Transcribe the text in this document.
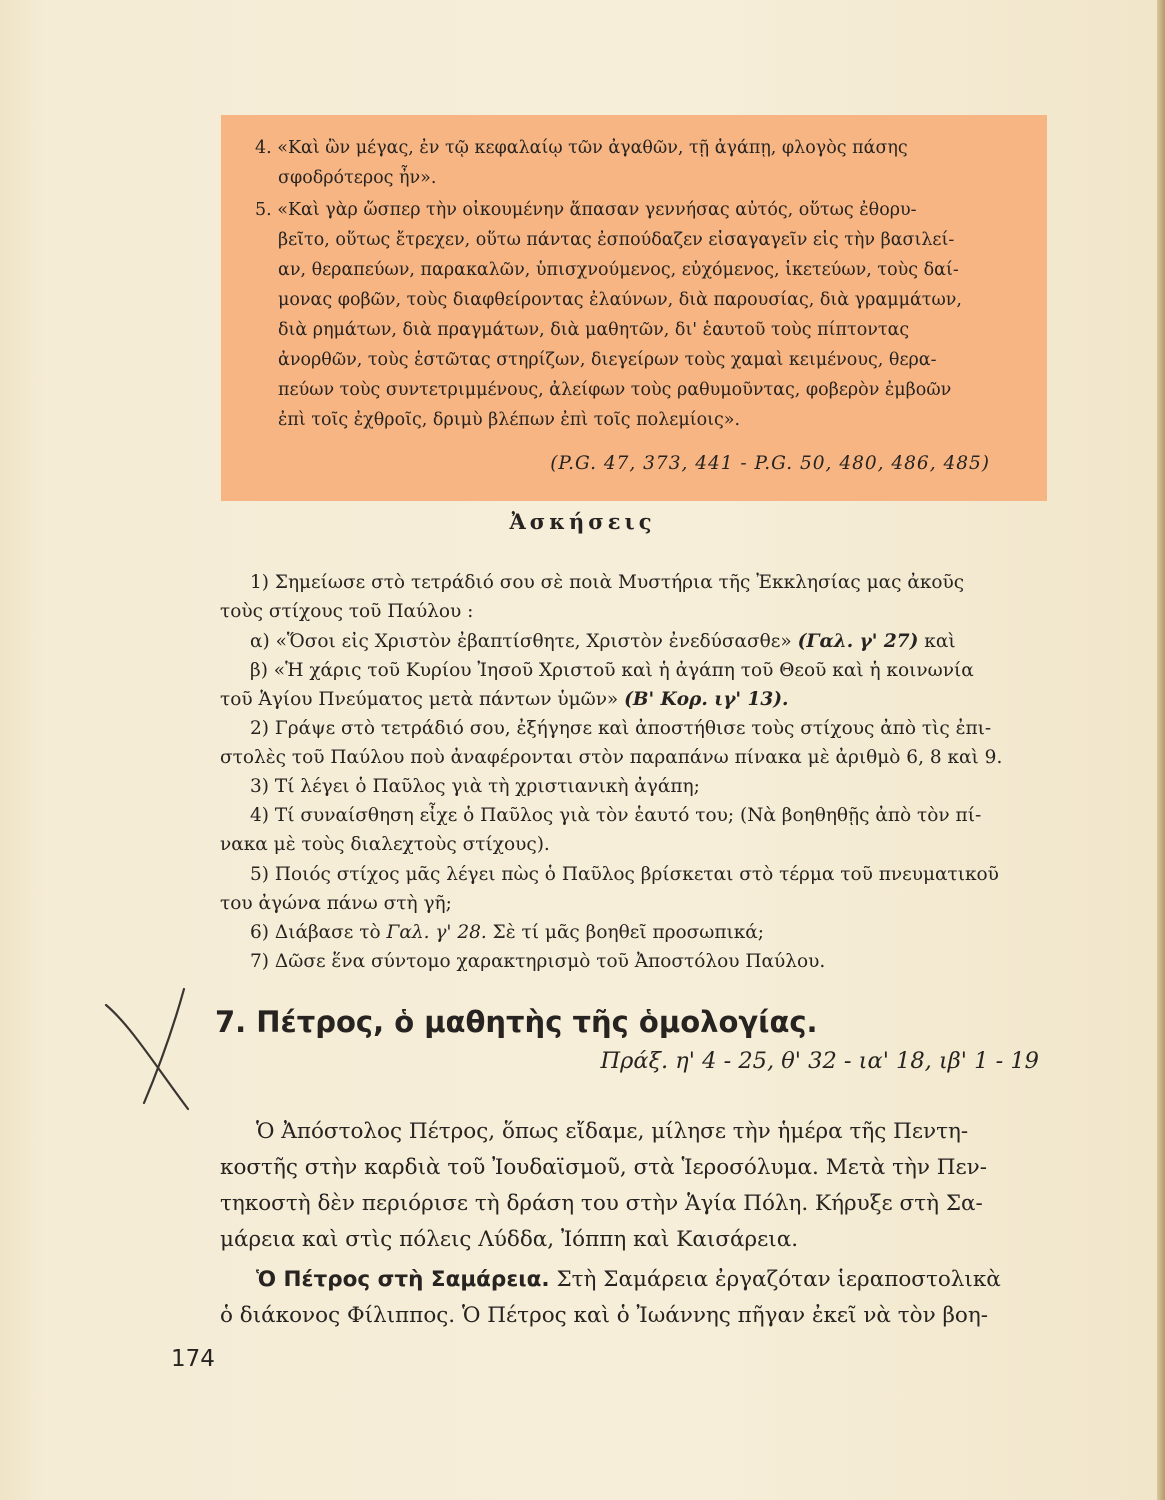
4. «Καὶ ὢν μέγας, ἐν τῷ κεφαλαίῳ τῶν ἀγαθῶν, τῇ ἀγάπῃ, φλογὸς πάσης
σφοδρότερος ἦν».
5. «Καὶ γὰρ ὥσπερ τὴν οἰκουμένην ἅπασαν γεννήσας αὐτός, οὕτως ἐθορυ-
βεῖτο, οὕτως ἔτρεχεν, οὕτω πάντας ἐσπούδαζεν εἰσαγαγεῖν εἰς τὴν βασιλεί-
αν, θεραπεύων, παρακαλῶν, ὑπισχνούμενος, εὐχόμενος, ἱκετεύων, τοὺς δαί-
μονας φοβῶν, τοὺς διαφθείροντας ἐλαύνων, διὰ παρουσίας, διὰ γραμμάτων,
διὰ ρημάτων, διὰ πραγμάτων, διὰ μαθητῶν, δι' ἑαυτοῦ τοὺς πίπτοντας
ἀνορθῶν, τοὺς ἑστῶτας στηρίζων, διεγείρων τοὺς χαμαὶ κειμένους, θερα-
πεύων τοὺς συντετριμμένους, ἀλείφων τοὺς ραθυμοῦντας, φοβερὸν ἐμβοῶν
ἐπὶ τοῖς ἐχθροῖς, δριμὺ βλέπων ἐπὶ τοῖς πολεμίοις».
(P.G. 47, 373, 441 - P.G. 50, 480, 486, 485)
Ἀσκήσεις
1) Σημείωσε στὸ τετράδιό σου σὲ ποιὰ Μυστήρια τῆς Ἐκκλησίας μας ἀκοῦς
τοὺς στίχους τοῦ Παύλου :
α) «Ὅσοι εἰς Χριστὸν ἐβαπτίσθητε, Χριστὸν ἐνεδύσασθε» (Γαλ. γ' 27) καὶ
β) «Ἡ χάρις τοῦ Κυρίου Ἰησοῦ Χριστοῦ καὶ ἡ ἀγάπη τοῦ Θεοῦ καὶ ἡ κοινωνία
τοῦ Ἁγίου Πνεύματος μετὰ πάντων ὑμῶν» (Β' Κορ. ιγ' 13).
2) Γράψε στὸ τετράδιό σου, ἐξήγησε καὶ ἀποστήθισε τοὺς στίχους ἀπὸ τὶς ἐπι-
στολὲς τοῦ Παύλου ποὺ ἀναφέρονται στὸν παραπάνω πίνακα μὲ ἀριθμὸ 6, 8 καὶ 9.
3) Τί λέγει ὁ Παῦλος γιὰ τὴ χριστιανικὴ ἀγάπη;
4) Τί συναίσθηση εἶχε ὁ Παῦλος γιὰ τὸν ἑαυτό του; (Νὰ βοηθηθῇς ἀπὸ τὸν πί-
νακα μὲ τοὺς διαλεχτοὺς στίχους).
5) Ποιός στίχος μᾶς λέγει πὼς ὁ Παῦλος βρίσκεται στὸ τέρμα τοῦ πνευματικοῦ
του ἀγώνα πάνω στὴ γῆ;
6) Διάβασε τὸ Γαλ. γ' 28. Σὲ τί μᾶς βοηθεῖ προσωπικά;
7) Δῶσε ἕνα σύντομο χαρακτηρισμὸ τοῦ Ἀποστόλου Παύλου.
7. Πέτρος, ὁ μαθητὴς τῆς ὁμολογίας.
Πράξ. η' 4 - 25, θ' 32 - ια' 18, ιβ' 1 - 19
Ὁ Ἀπόστολος Πέτρος, ὅπως εἴδαμε, μίλησε τὴν ἡμέρα τῆς Πεντη-
κοστῆς στὴν καρδιὰ τοῦ Ἰουδαϊσμοῦ, στὰ Ἱεροσόλυμα. Μετὰ τὴν Πεν-
τηκοστὴ δὲν περιόρισε τὴ δράση του στὴν Ἁγία Πόλη. Κήρυξε στὴ Σα-
μάρεια καὶ στὶς πόλεις Λύδδα, Ἰόππη καὶ Καισάρεια.
Ὁ Πέτρος στὴ Σαμάρεια. Στὴ Σαμάρεια ἐργαζόταν ἱεραποστολικὰ
ὁ διάκονος Φίλιππος. Ὁ Πέτρος καὶ ὁ Ἰωάννης πῆγαν ἐκεῖ νὰ τὸν βοη-
174
